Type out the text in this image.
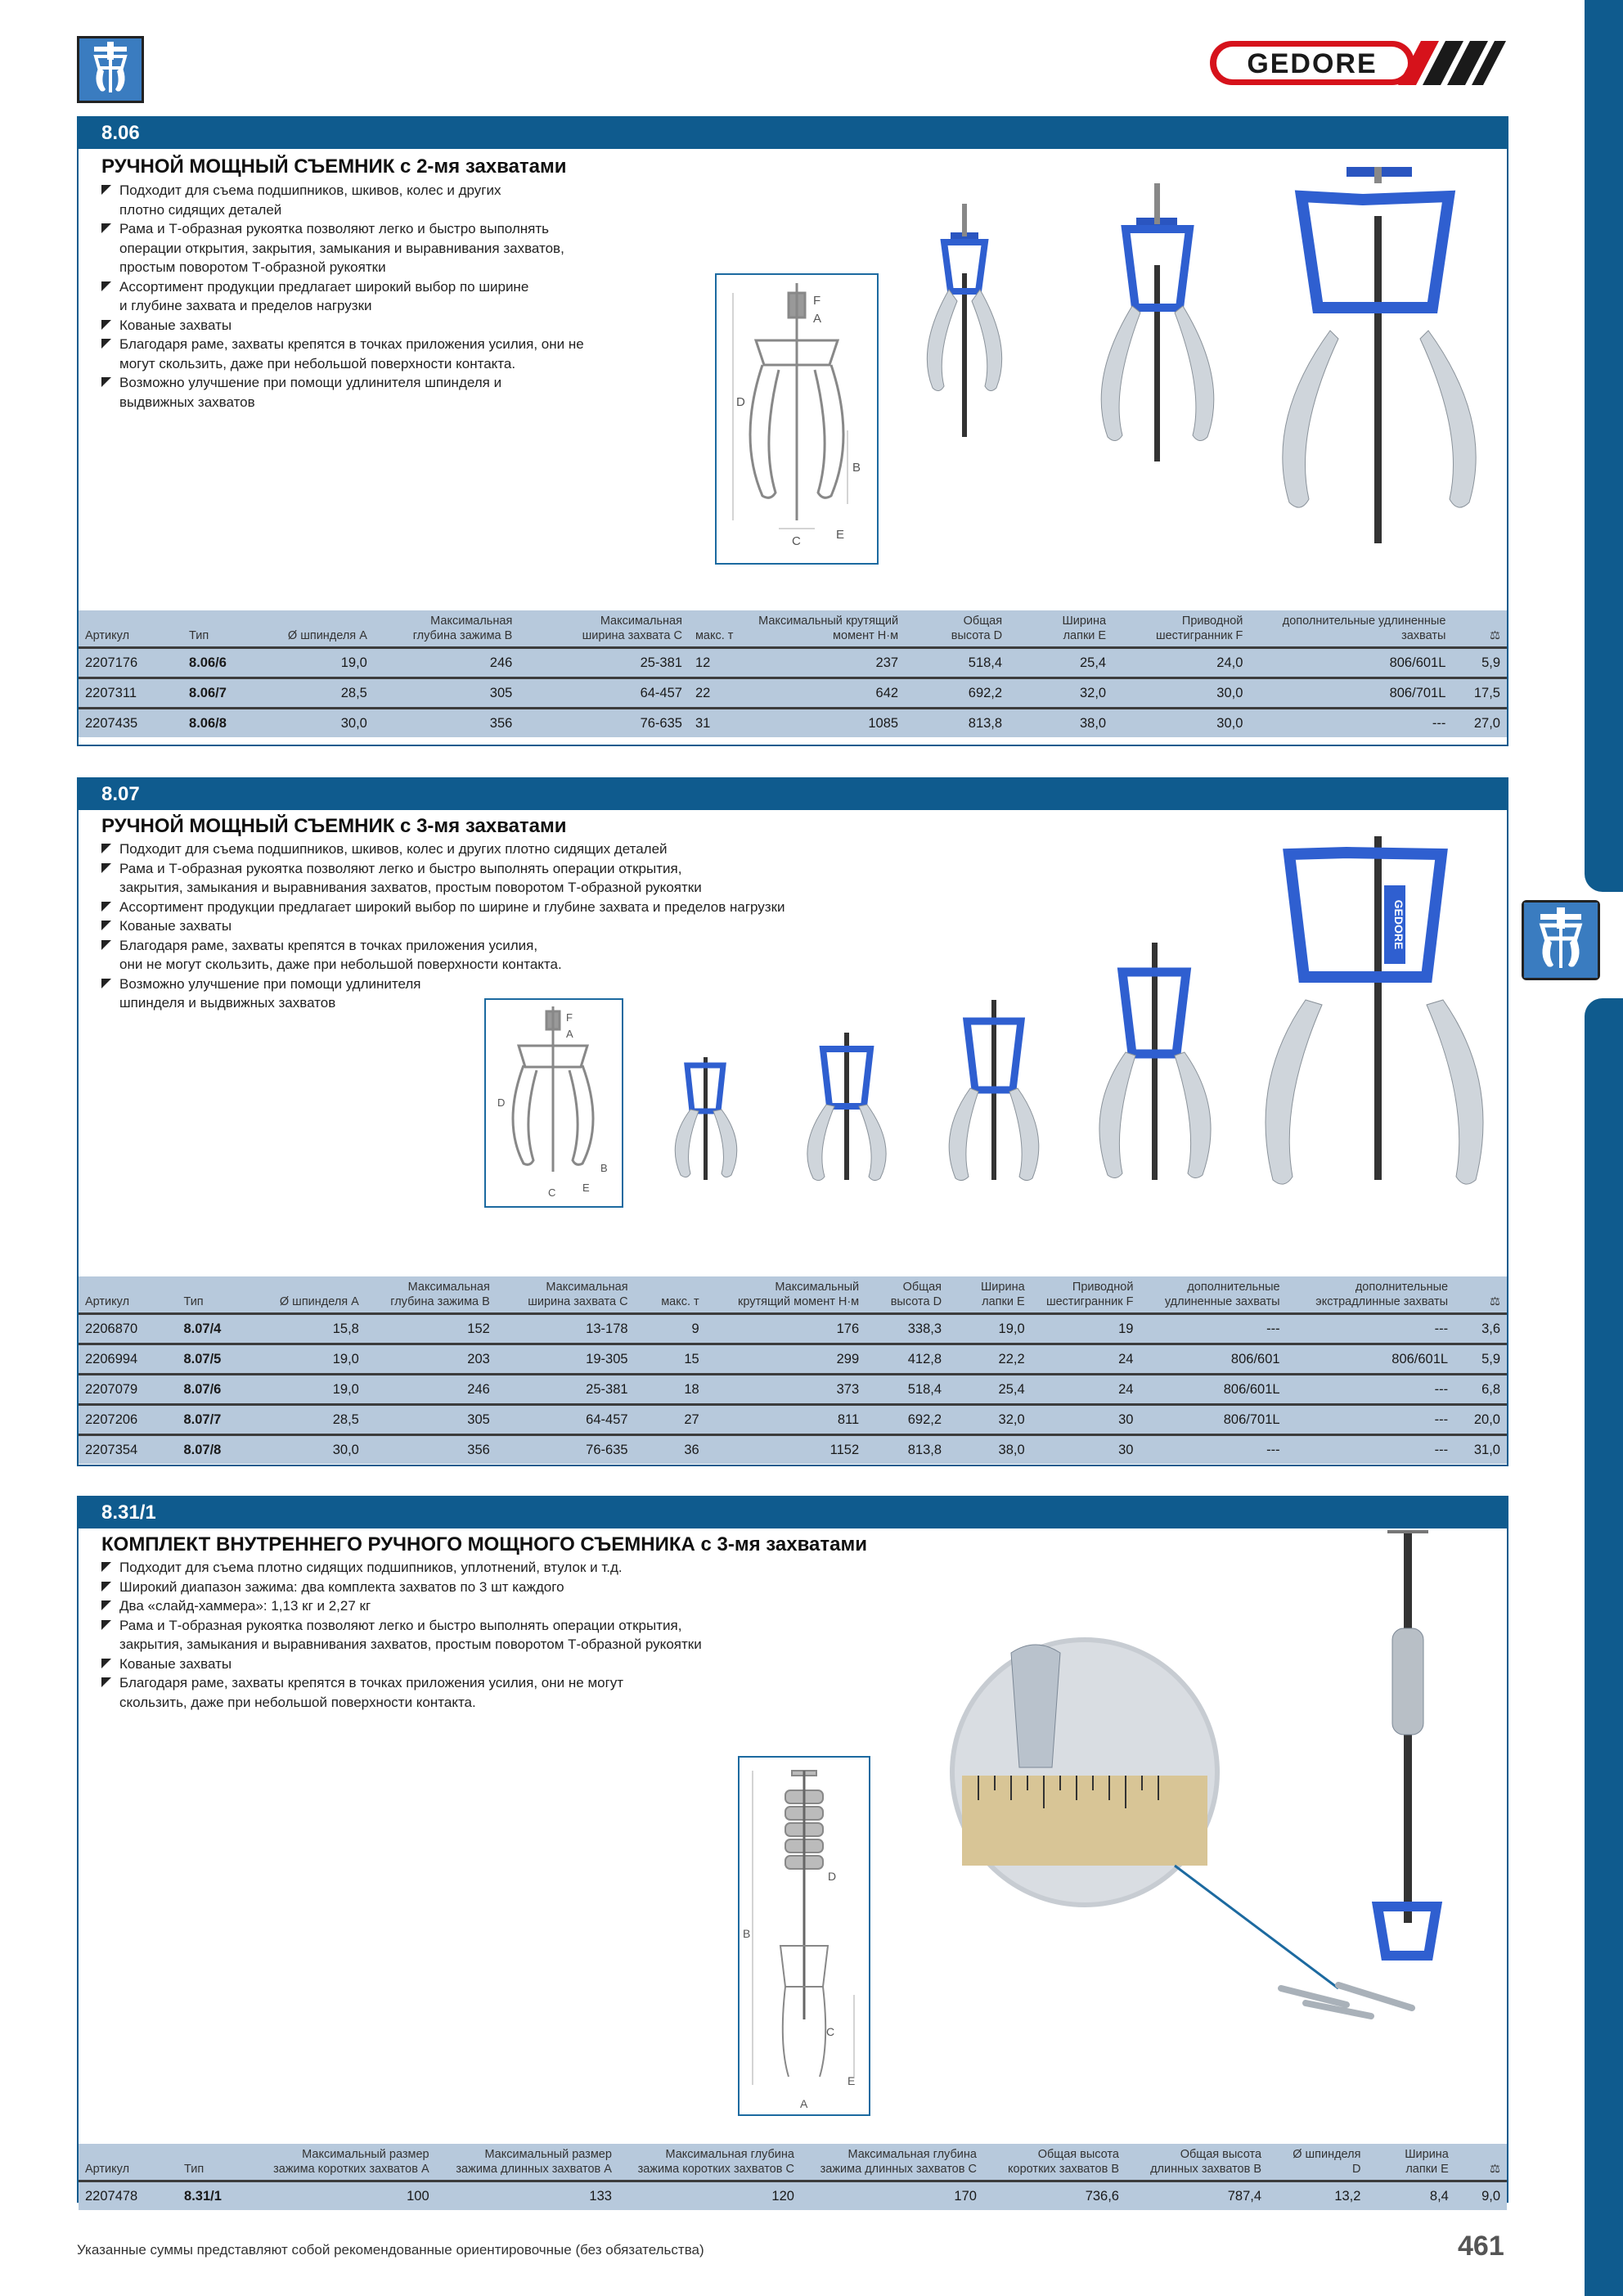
GEDORE
8.06
РУЧНОЙ МОЩНЫЙ СЪЕМНИК с 2-мя захватами
Подходит для съема подшипников, шкивов, колес и других
плотно сидящих деталей
Рама и Т-образная рукоятка позволяют легко и быстро выполнять
операции открытия, закрытия, замыкания и выравнивания захватов,
простым поворотом Т-образной рукоятки
Ассортимент продукции предлагает широкий выбор по ширине
и глубине захвата и пределов нагрузки
Кованые захваты
Благодаря раме, захваты крепятся в точках приложения усилия, они не
могут скользить, даже при небольшой поверхности контакта.
Возможно улучшение при помощи удлинителя шпинделя и
выдвижных захватов
F
A
D
B
C	E
Артикул	Тип	Ø шпинделя A	Максимальная
глубина зажима B	Максимальная
ширина захвата C	макс. т	Максимальный крутящий
момент Н·м	Общая
высота D	Ширина
лапки E	Приводной
шестигранник F	дополнительные удлиненные
захваты	⚖
2207176	8.06/6	19,0	246	25-381	12	237	518,4	25,4	24,0	806/601L	5,9
2207311	8.06/7	28,5	305	64-457	22	642	692,2	32,0	30,0	806/701L	17,5
2207435	8.06/8	30,0	356	76-635	31	1085	813,8	38,0	30,0	---	27,0
8.07
РУЧНОЙ МОЩНЫЙ СЪЕМНИК с 3-мя захватами
Подходит для съема подшипников, шкивов, колес и других плотно сидящих деталей
Рама и Т-образная рукоятка позволяют легко и быстро выполнять операции открытия,
закрытия, замыкания и выравнивания захватов, простым поворотом Т-образной рукоятки
Ассортимент продукции предлагает широкий выбор по ширине и глубине захвата и пределов нагрузки
Кованые захваты
Благодаря раме, захваты крепятся в точках приложения усилия,
они не могут скользить, даже при небольшой поверхности контакта.
Возможно улучшение при помощи удлинителя
шпинделя и выдвижных захватов
F
A
D
B
C	E
GEDORE
Артикул	Тип	Ø шпинделя A	Максимальная
глубина зажима B	Максимальная
ширина захвата C	макс. т	Максимальный
крутящий момент Н·м	Общая
высота D	Ширина
лапки E	Приводной
шестигранник F	дополнительные
удлиненные захваты	дополнительные
экстрадлинные захваты	⚖
2206870	8.07/4	15,8	152	13-178	9	176	338,3	19,0	19	---	---	3,6
2206994	8.07/5	19,0	203	19-305	15	299	412,8	22,2	24	806/601	806/601L	5,9
2207079	8.07/6	19,0	246	25-381	18	373	518,4	25,4	24	806/601L	---	6,8
2207206	8.07/7	28,5	305	64-457	27	811	692,2	32,0	30	806/701L	---	20,0
2207354	8.07/8	30,0	356	76-635	36	1152	813,8	38,0	30	---	---	31,0
8.31/1
КОМПЛЕКТ ВНУТРЕННЕГО РУЧНОГО МОЩНОГО СЪЕМНИКА с 3-мя захватами
Подходит для съема плотно сидящих подшипников, уплотнений, втулок и т.д.
Широкий диапазон зажима: два комплекта захватов по 3 шт каждого
Два «слайд-хаммера»: 1,13 кг и 2,27 кг
Рама и Т-образная рукоятка позволяют легко и быстро выполнять операции открытия,
закрытия, замыкания и выравнивания захватов, простым поворотом Т-образной рукоятки
Кованые захваты
Благодаря раме, захваты крепятся в точках приложения усилия, они не могут
скользить, даже при небольшой поверхности контакта.
D
B
C
E
A
Артикул	Тип	Максимальный размер
зажима коротких захватов A	Максимальный размер
зажима длинных захватов A	Максимальная глубина
зажима коротких захватов C	Максимальная глубина
зажима длинных захватов C	Общая высота
коротких захватов B	Общая высота
длинных захватов B	Ø шпинделя
D	Ширина
лапки E	⚖
2207478	8.31/1	100	133	120	170	736,6	787,4	13,2	8,4	9,0
Указанные суммы представляют собой рекомендованные ориентировочные (без обязательства)	461
